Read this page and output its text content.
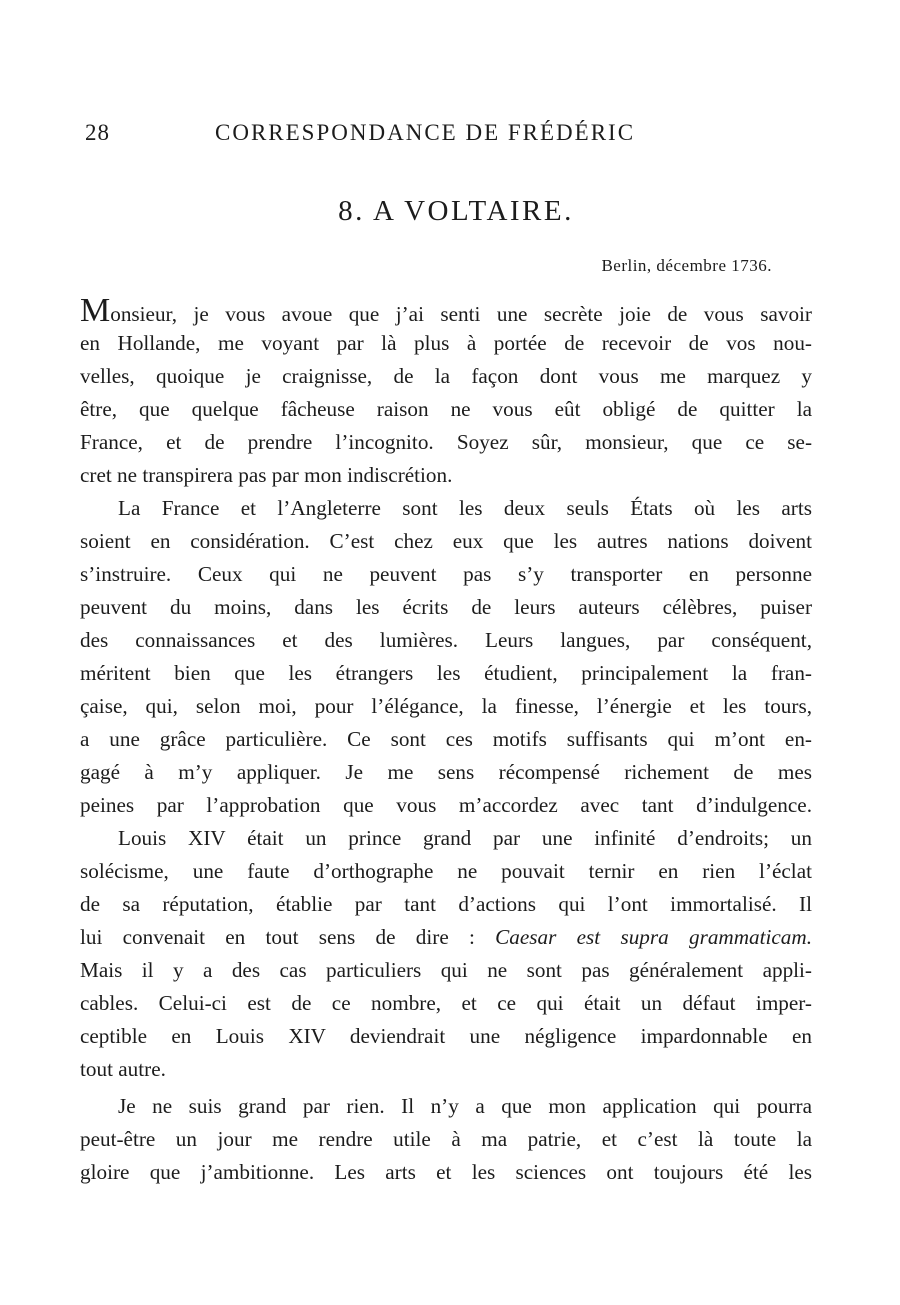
28	CORRESPONDANCE DE FRÉDÉRIC
8. A VOLTAIRE.
Berlin, décembre 1736.
Monsieur, je vous avoue que j’ai senti une secrète joie de vous savoir
en Hollande, me voyant par là plus à portée de recevoir de vos nou-
velles, quoique je craignisse, de la façon dont vous me marquez y
être, que quelque fâcheuse raison ne vous eût obligé de quitter la
France, et de prendre l’incognito. Soyez sûr, monsieur, que ce se-
cret ne transpirera pas par mon indiscrétion.
La France et l’Angleterre sont les deux seuls États où les arts
soient en considération. C’est chez eux que les autres nations doivent
s’instruire. Ceux qui ne peuvent pas s’y transporter en personne
peuvent du moins, dans les écrits de leurs auteurs célèbres, puiser
des connaissances et des lumières. Leurs langues, par conséquent,
méritent bien que les étrangers les étudient, principalement la fran-
çaise, qui, selon moi, pour l’élégance, la finesse, l’énergie et les tours,
a une grâce particulière. Ce sont ces motifs suffisants qui m’ont en-
gagé à m’y appliquer. Je me sens récompensé richement de mes
peines par l’approbation que vous m’accordez avec tant d’indulgence.
Louis XIV était un prince grand par une infinité d’endroits; un
solécisme, une faute d’orthographe ne pouvait ternir en rien l’éclat
de sa réputation, établie par tant d’actions qui l’ont immortalisé. Il
lui convenait en tout sens de dire : Caesar est supra grammaticam.
Mais il y a des cas particuliers qui ne sont pas généralement appli-
cables. Celui-ci est de ce nombre, et ce qui était un défaut imper-
ceptible en Louis XIV deviendrait une négligence impardonnable en
tout autre.
Je ne suis grand par rien. Il n’y a que mon application qui pourra
peut-être un jour me rendre utile à ma patrie, et c’est là toute la
gloire que j’ambitionne. Les arts et les sciences ont toujours été les
